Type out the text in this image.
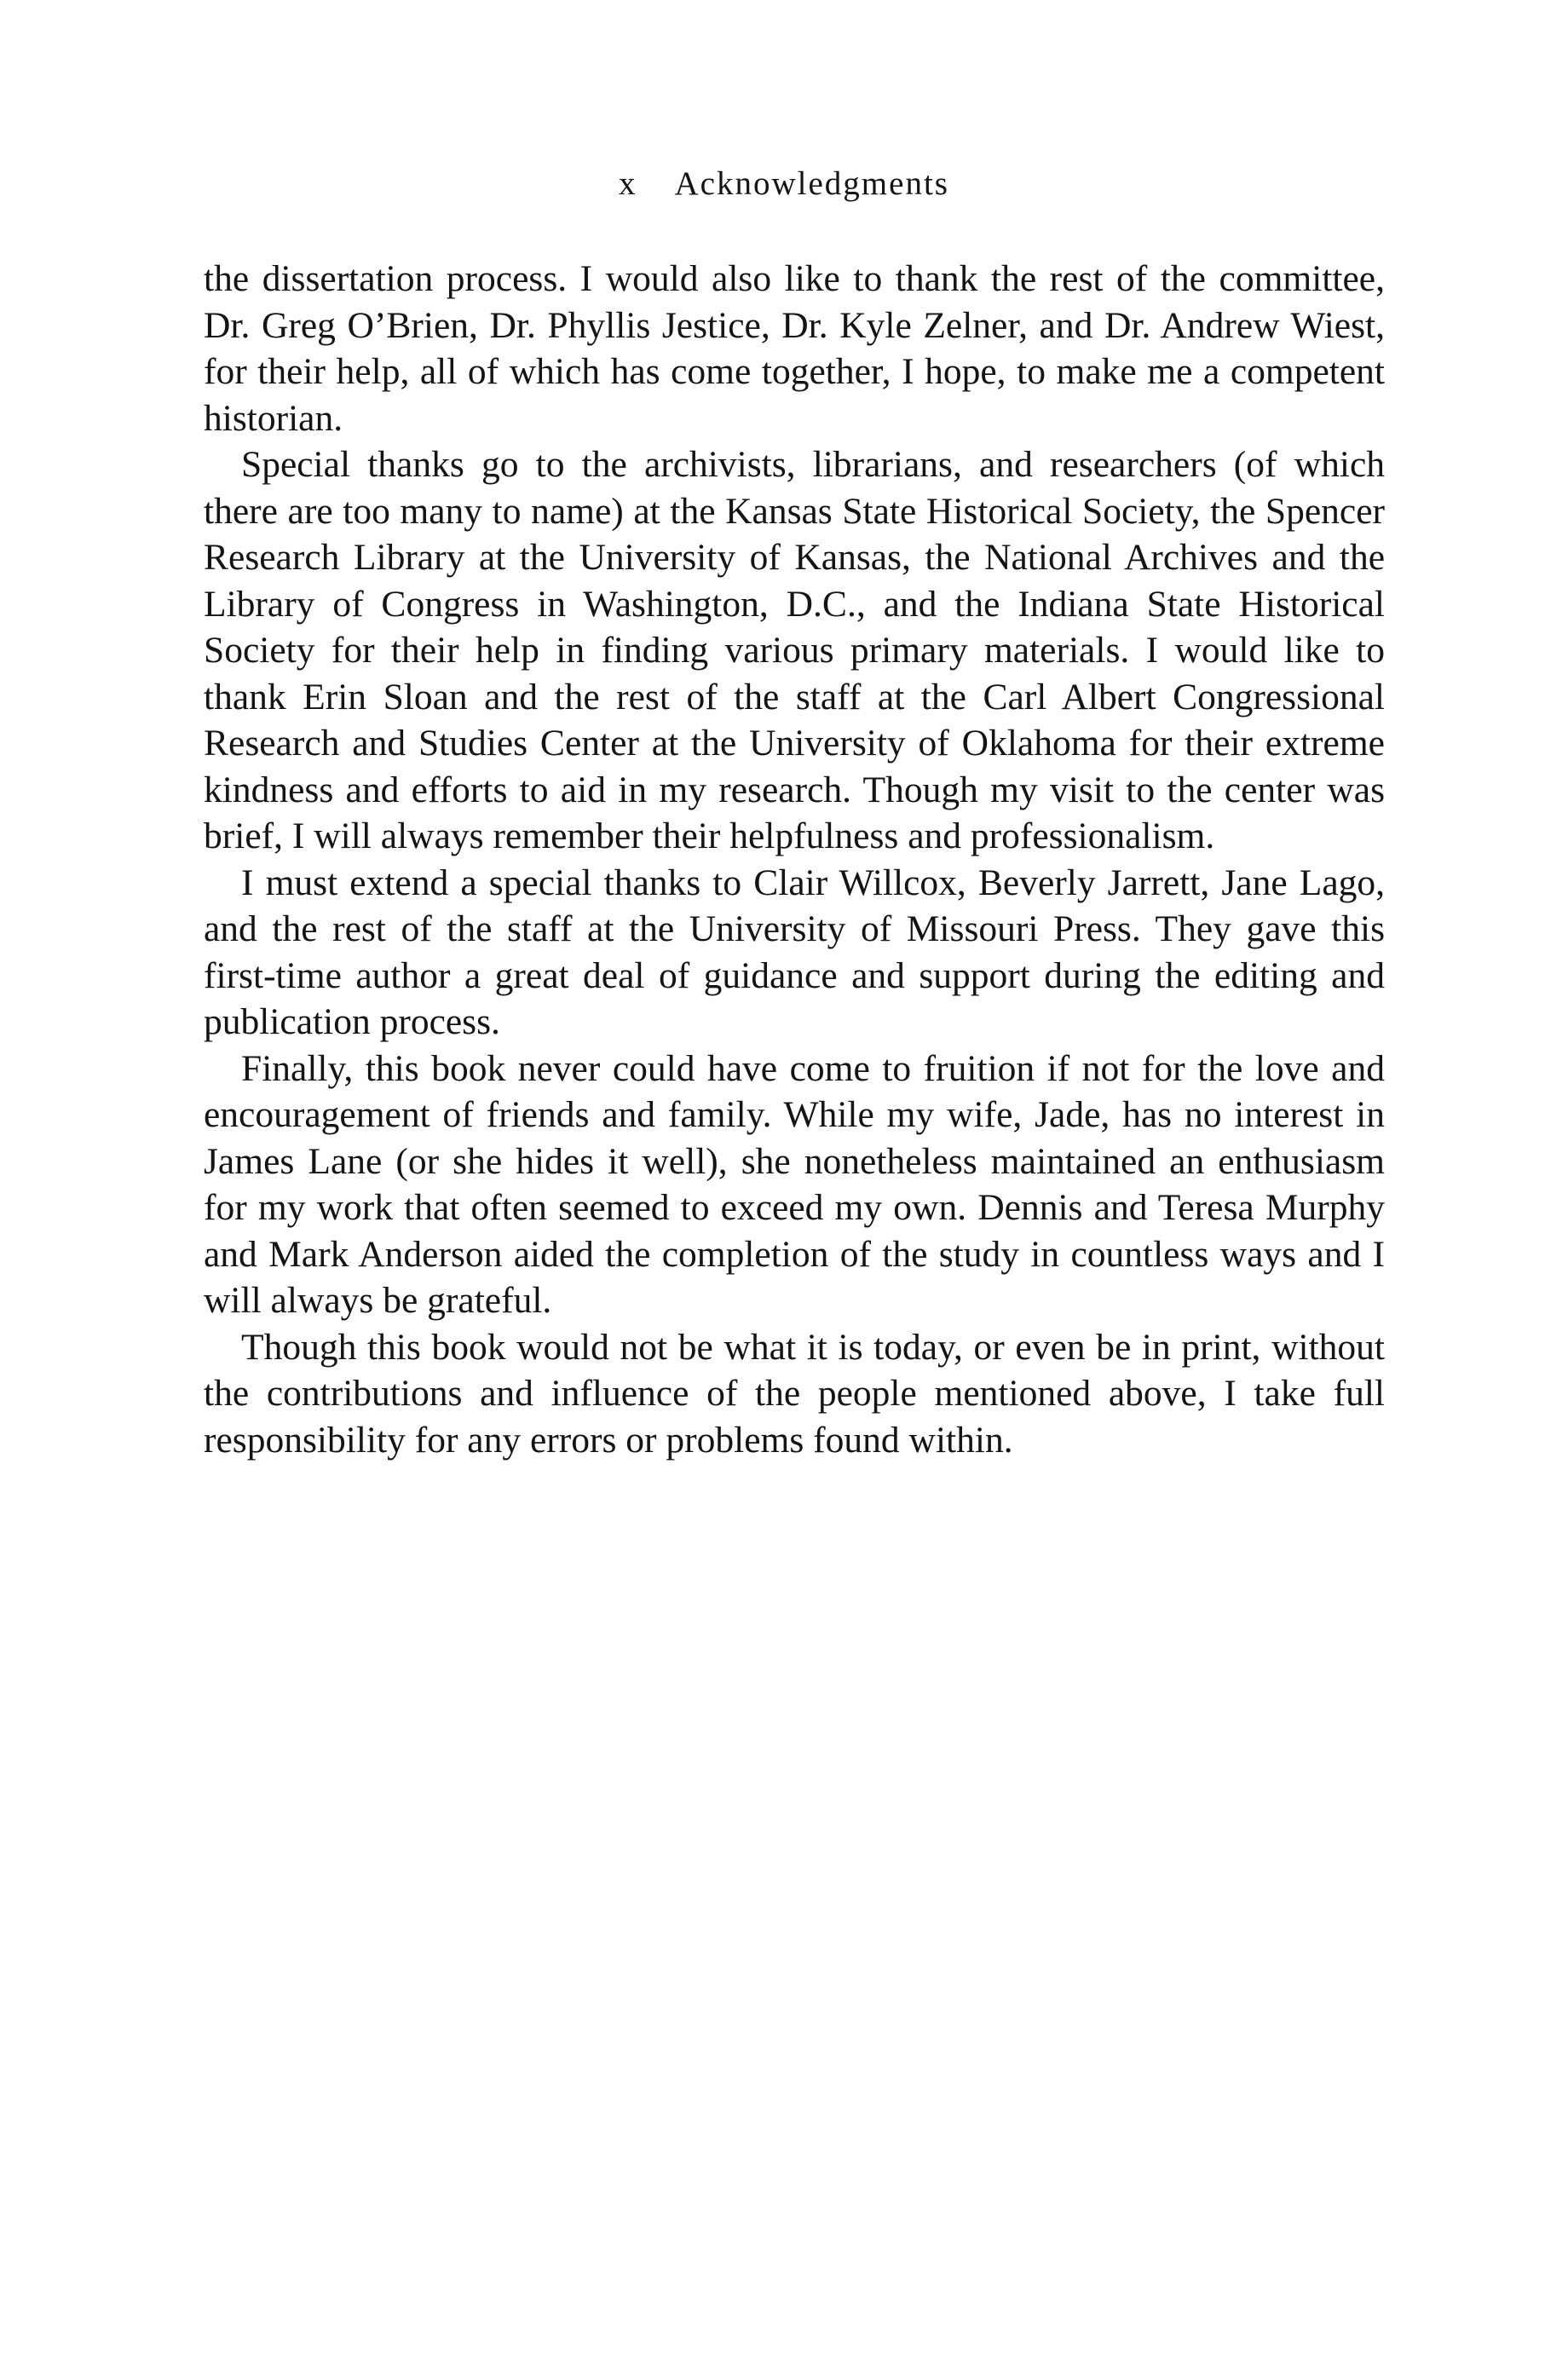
x Acknowledgments

the dissertation process. I would also like to thank the rest of the committee, Dr. Greg O’Brien, Dr. Phyllis Jestice, Dr. Kyle Zelner, and Dr. Andrew Wiest, for their help, all of which has come together, I hope, to make me a competent historian.

Special thanks go to the archivists, librarians, and researchers (of which there are too many to name) at the Kansas State Historical Society, the Spencer Research Library at the University of Kansas, the National Archives and the Library of Congress in Washington, D.C., and the Indiana State Historical Society for their help in finding various primary materials. I would like to thank Erin Sloan and the rest of the staff at the Carl Albert Congressional Research and Studies Center at the University of Oklahoma for their extreme kindness and efforts to aid in my research. Though my visit to the center was brief, I will always remember their helpfulness and professionalism.

I must extend a special thanks to Clair Willcox, Beverly Jarrett, Jane Lago, and the rest of the staff at the University of Missouri Press. They gave this first-time author a great deal of guidance and support during the editing and publication process.

Finally, this book never could have come to fruition if not for the love and encouragement of friends and family. While my wife, Jade, has no interest in James Lane (or she hides it well), she nonetheless maintained an enthusiasm for my work that often seemed to exceed my own. Dennis and Teresa Murphy and Mark Anderson aided the completion of the study in countless ways and I will always be grateful.

Though this book would not be what it is today, or even be in print, without the contributions and influence of the people mentioned above, I take full responsibility for any errors or problems found within.
